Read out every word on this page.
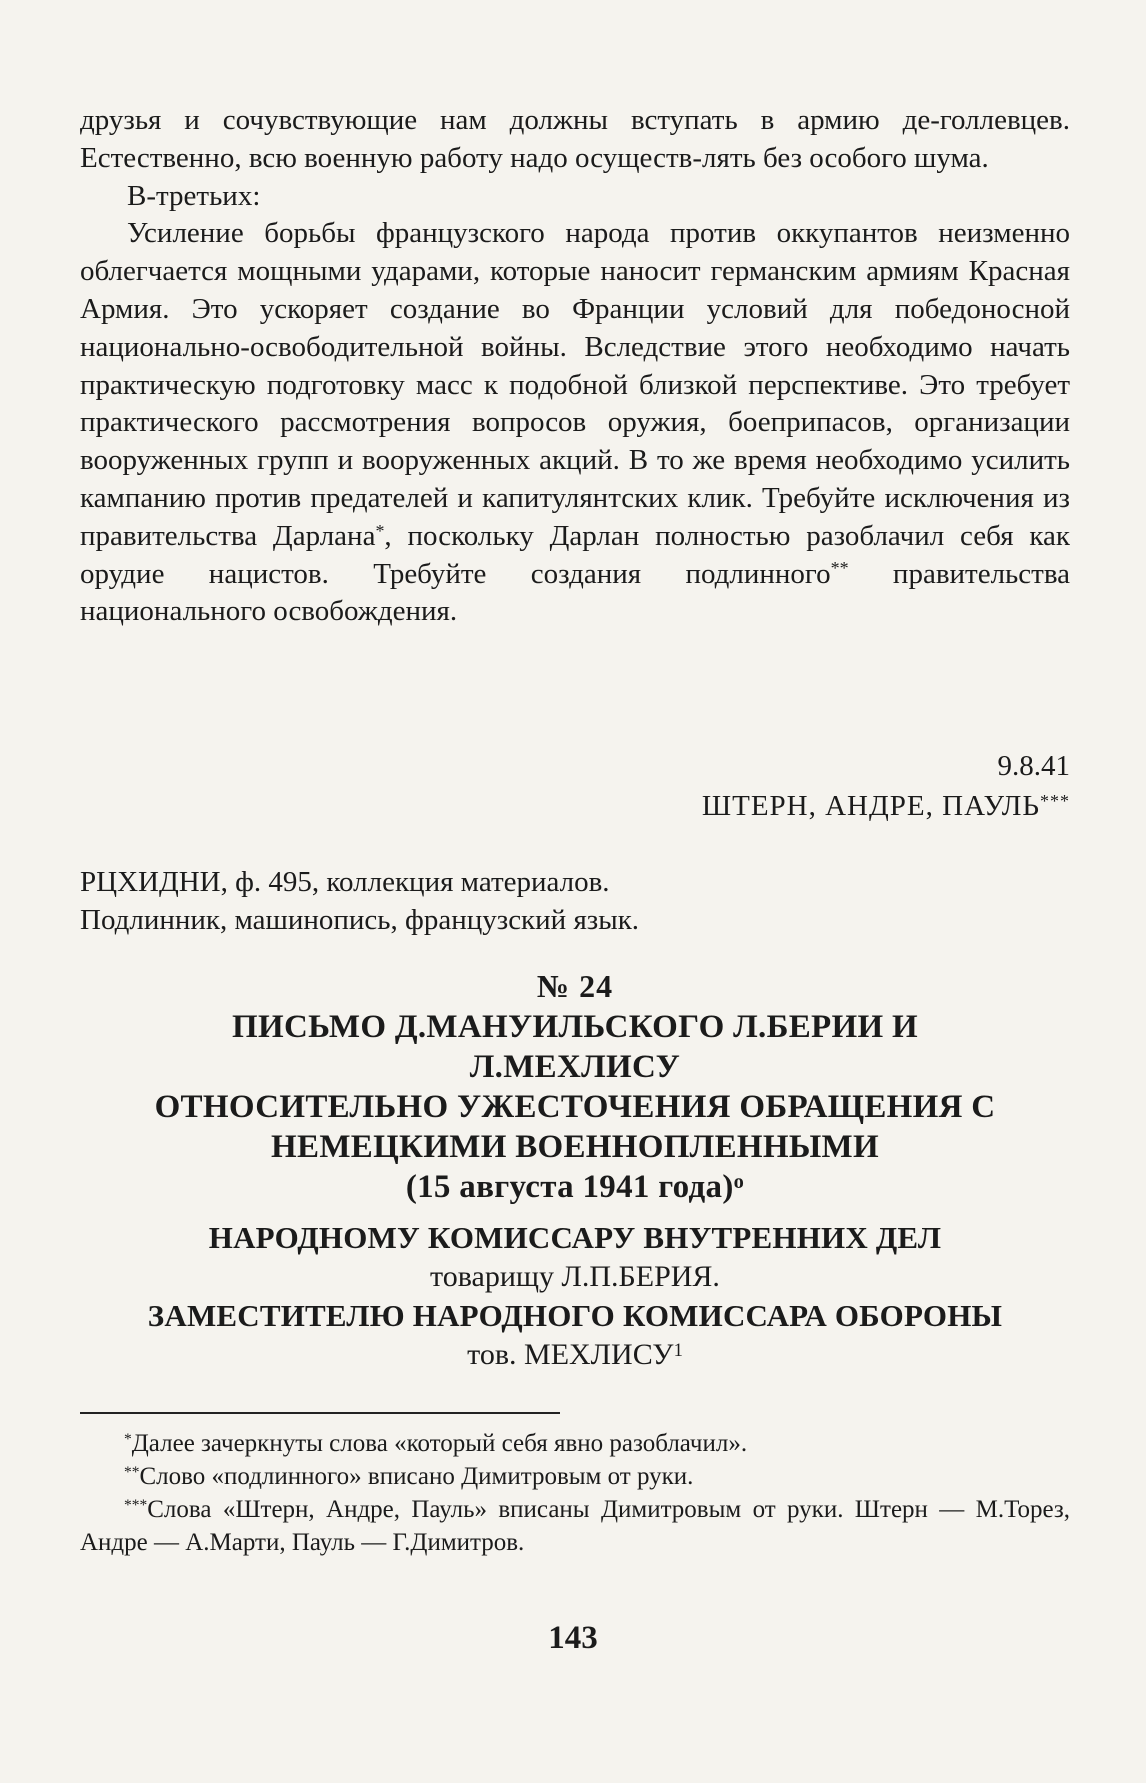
друзья и сочувствующие нам должны вступать в армию де-голлевцев. Естественно, всю военную работу надо осуществ-лять без особого шума.

В-третьих:

Усиление борьбы французского народа против оккупантов неизменно облегчается мощными ударами, которые наносит германским армиям Красная Армия. Это ускоряет создание во Франции условий для победоносной национально-освободительной войны. Вследствие этого необходимо начать практическую подготовку масс к подобной близкой перспективе. Это требует практического рассмотрения вопросов оружия, боеприпасов, организации вооруженных групп и вооруженных акций. В то же время необходимо усилить кампанию против предателей и капитулянтских клик. Требуйте исключения из правительства Дарлана*, поскольку Дарлан полностью разоблачил себя как орудие нацистов. Требуйте создания подлинного** правительства национального освобождения.

9.8.41
ШТЕРН, АНДРЕ, ПАУЛЬ***

РЦХИДНИ, ф. 495, коллекция материалов.

Подлинник, машинопись, французский язык.

№ 24
ПИСЬМО Д.МАНУИЛЬСКОГО Л.БЕРИИ И
Л.МЕХЛИСУ
ОТНОСИТЕЛЬНО УЖЕСТОЧЕНИЯ ОБРАЩЕНИЯ С
НЕМЕЦКИМИ ВОЕННОПЛЕННЫМИ
(15 августа 1941 года)$^о$
НАРОДНОМУ КОМИССАРУ ВНУТРЕННИХ ДЕЛ
товарищу Л.П.БЕРИЯ.
ЗАМЕСТИТЕЛЮ НАРОДНОГО КОМИССАРА ОБОРОНЫ
тов. МЕХЛИСУ$^1$

*Далее зачеркнуты слова «который себя явно разоблачил».

**Слово «подлинного» вписано Димитровым от руки.

***Слова «Штерн, Андре, Пауль» вписаны Димитровым от руки. Штерн — М.Торез, Андре — А.Марти, Пауль — Г.Димитров.

143
